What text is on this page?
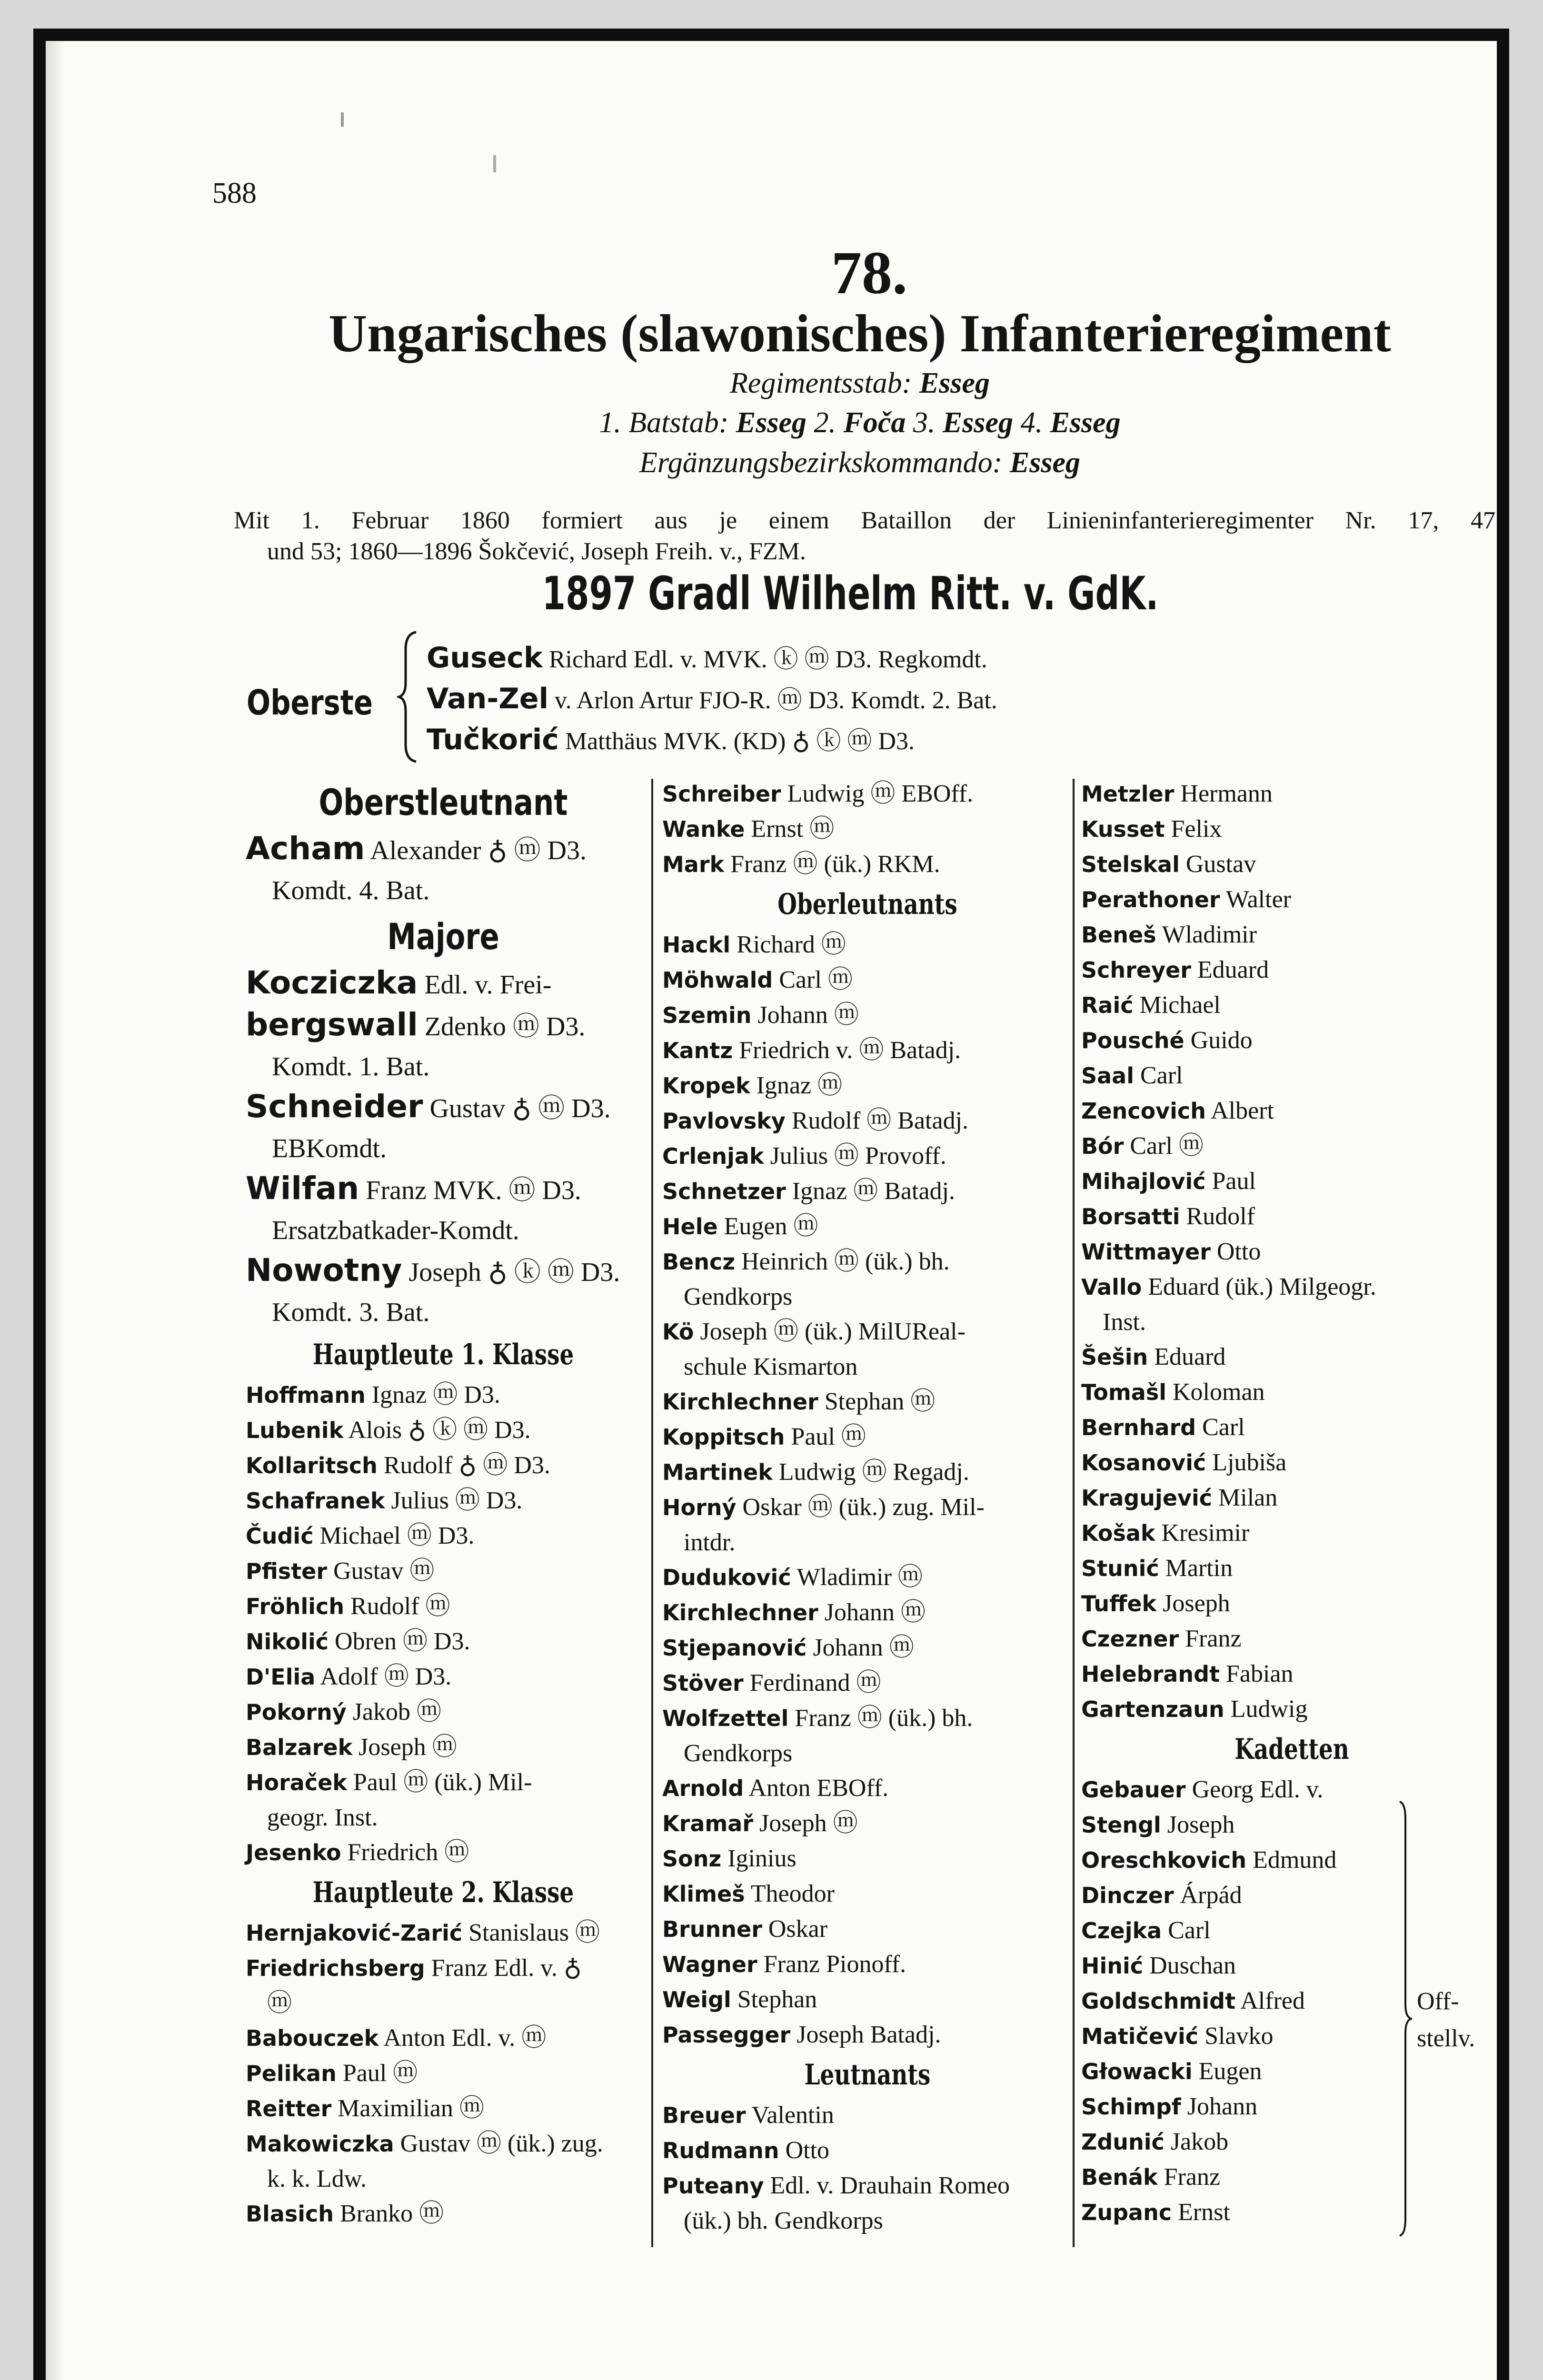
588
78.
Ungarisches (slawonisches) Infanterieregiment
Regimentsstab: Esseg
1. Batstab: Esseg 2. Foča 3. Esseg 4. Esseg
Ergänzungsbezirkskommando: Esseg
Mit 1. Februar 1860 formiert aus je einem Bataillon der Linieninfanterieregimenter Nr. 17, 47
und 53; 1860—1896 Šokčević, Joseph Freih. v., FZM.
1897 Gradl Wilhelm Ritt. v. GdK.
Oberste
Guseck Richard Edl. v. MVK. ⓚ ⓜ D3. Regkomdt.
Van-Zel v. Arlon Artur FJO-R. ⓜ D3. Komdt. 2. Bat.
Tučkorić Matthäus MVK. (KD) ♁ ⓚ ⓜ D3.
Oberstleutnant
Acham Alexander ♁ ⓜ D3.
Komdt. 4. Bat.
Majore
Kocziczka Edl. v. Frei-
bergswall Zdenko ⓜ D3.
Komdt. 1. Bat.
Schneider Gustav ♁ ⓜ D3.
EBKomdt.
Wilfan Franz MVK. ⓜ D3.
Ersatzbatkader-Komdt.
Nowotny Joseph ♁ ⓚ ⓜ D3.
Komdt. 3. Bat.
Hauptleute 1. Klasse
Hoffmann Ignaz ⓜ D3.
Lubenik Alois ♁ ⓚ ⓜ D3.
Kollaritsch Rudolf ♁ ⓜ D3.
Schafranek Julius ⓜ D3.
Čudić Michael ⓜ D3.
Pfister Gustav ⓜ
Fröhlich Rudolf ⓜ
Nikolić Obren ⓜ D3.
D'Elia Adolf ⓜ D3.
Pokorný Jakob ⓜ
Balzarek Joseph ⓜ
Horaček Paul ⓜ (ük.) Mil-
geogr. Inst.
Jesenko Friedrich ⓜ
Hauptleute 2. Klasse
Hernjaković-Zarić Stanislaus ⓜ
Friedrichsberg Franz Edl. v. ♁
ⓜ
Babouczek Anton Edl. v. ⓜ
Pelikan Paul ⓜ
Reitter Maximilian ⓜ
Makowiczka Gustav ⓜ (ük.) zug.
k. k. Ldw.
Blasich Branko ⓜ
Schreiber Ludwig ⓜ EBOff.
Wanke Ernst ⓜ
Mark Franz ⓜ (ük.) RKM.
Oberleutnants
Hackl Richard ⓜ
Möhwald Carl ⓜ
Szemin Johann ⓜ
Kantz Friedrich v. ⓜ Batadj.
Kropek Ignaz ⓜ
Pavlovsky Rudolf ⓜ Batadj.
Crlenjak Julius ⓜ Provoff.
Schnetzer Ignaz ⓜ Batadj.
Hele Eugen ⓜ
Bencz Heinrich ⓜ (ük.) bh.
Gendkorps
Kö Joseph ⓜ (ük.) MilUReal-
schule Kismarton
Kirchlechner Stephan ⓜ
Koppitsch Paul ⓜ
Martinek Ludwig ⓜ Regadj.
Horný Oskar ⓜ (ük.) zug. Mil-
intdr.
Duduković Wladimir ⓜ
Kirchlechner Johann ⓜ
Stjepanović Johann ⓜ
Stöver Ferdinand ⓜ
Wolfzettel Franz ⓜ (ük.) bh.
Gendkorps
Arnold Anton EBOff.
Kramař Joseph ⓜ
Sonz Iginius
Klimeš Theodor
Brunner Oskar
Wagner Franz Pionoff.
Weigl Stephan
Passegger Joseph Batadj.
Leutnants
Breuer Valentin
Rudmann Otto
Puteany Edl. v. Drauhain Romeo
(ük.) bh. Gendkorps
Metzler Hermann
Kusset Felix
Stelskal Gustav
Perathoner Walter
Beneš Wladimir
Schreyer Eduard
Raić Michael
Pousché Guido
Saal Carl
Zencovich Albert
Bór Carl ⓜ
Mihajlović Paul
Borsatti Rudolf
Wittmayer Otto
Vallo Eduard (ük.) Milgeogr.
Inst.
Šešin Eduard
Tomašl Koloman
Bernhard Carl
Kosanović Ljubiša
Kragujević Milan
Košak Kresimir
Stunić Martin
Tuffek Joseph
Czezner Franz
Helebrandt Fabian
Gartenzaun Ludwig
Kadetten
Gebauer Georg Edl. v.
Stengl Joseph
Oreschkovich Edmund
Dinczer Árpád
Czejka Carl
Hinić Duschan
Goldschmidt Alfred
Matičević Slavko
Głowacki Eugen
Schimpf Johann
Zdunić Jakob
Benák Franz
Zupanc Ernst
Off-
stellv.
